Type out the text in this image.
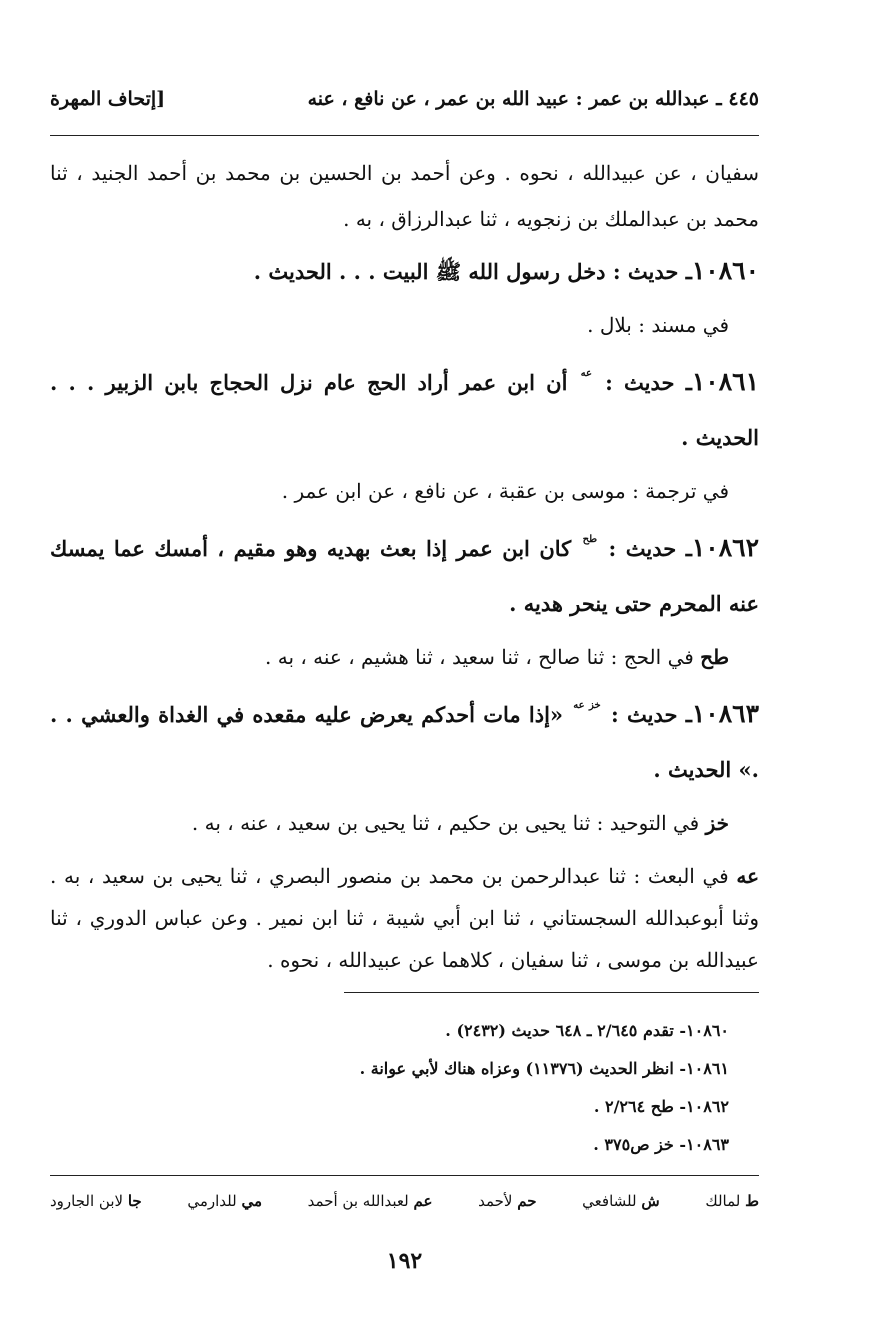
٤٤٥ ـ عبدالله بن عمر : عبيد الله بن عمر ، عن نافع ، عنه
[إتحاف المهرة
سفيان ، عن عبيدالله ، نحوه . وعن أحمد بن الحسين بن محمد بن أحمد الجنيد ، ثنا محمد بن عبدالملك بن زنجويه ، ثنا عبدالرزاق ، به .
١٠٨٦٠ـ حديث : دخل رسول الله ﷺ البيت . . . الحديث .
في مسند : بلال .
١٠٨٦١ـ حديث : $^{عه}$ أن ابن عمر أراد الحج عام نزل الحجاج بابن الزبير . . . الحديث .
في ترجمة : موسى بن عقبة ، عن نافع ، عن ابن عمر .
١٠٨٦٢ـ حديث : $^{طح}$ كان ابن عمر إذا بعث بهديه وهو مقيم ، أمسك عما يمسك عنه المحرم حتى ينحر هديه .
طح في الحج : ثنا صالح ، ثنا سعيد ، ثنا هشيم ، عنه ، به .
١٠٨٦٣ـ حديث : $^{خز عه}$ «إذا مات أحدكم يعرض عليه مقعده في الغداة والعشي . . .» الحديث .
خز في التوحيد : ثنا يحيى بن حكيم ، ثنا يحيى بن سعيد ، عنه ، به .
عه في البعث : ثنا عبدالرحمن بن محمد بن منصور البصري ، ثنا يحيى بن سعيد ، به . وثنا أبوعبدالله السجستاني ، ثنا ابن أبي شيبة ، ثنا ابن نمير . وعن عباس الدوري ، ثنا عبيدالله بن موسى ، ثنا سفيان ، كلاهما عن عبيدالله ، نحوه .
١٠٨٦٠- تقدم ٢/٦٤٥ ـ ٦٤٨ حديث (٢٤٣٢) .
١٠٨٦١- انظر الحديث (١١٣٧٦) وعزاه هناك لأبي عوانة .
١٠٨٦٢- طح ٢/٢٦٤ .
١٠٨٦٣- خز ص٣٧٥ .
ط لمالك
ش للشافعي
حم لأحمد
عم لعبدالله بن أحمد
مي للدارمي
جا لابن الجارود
١٩٢
